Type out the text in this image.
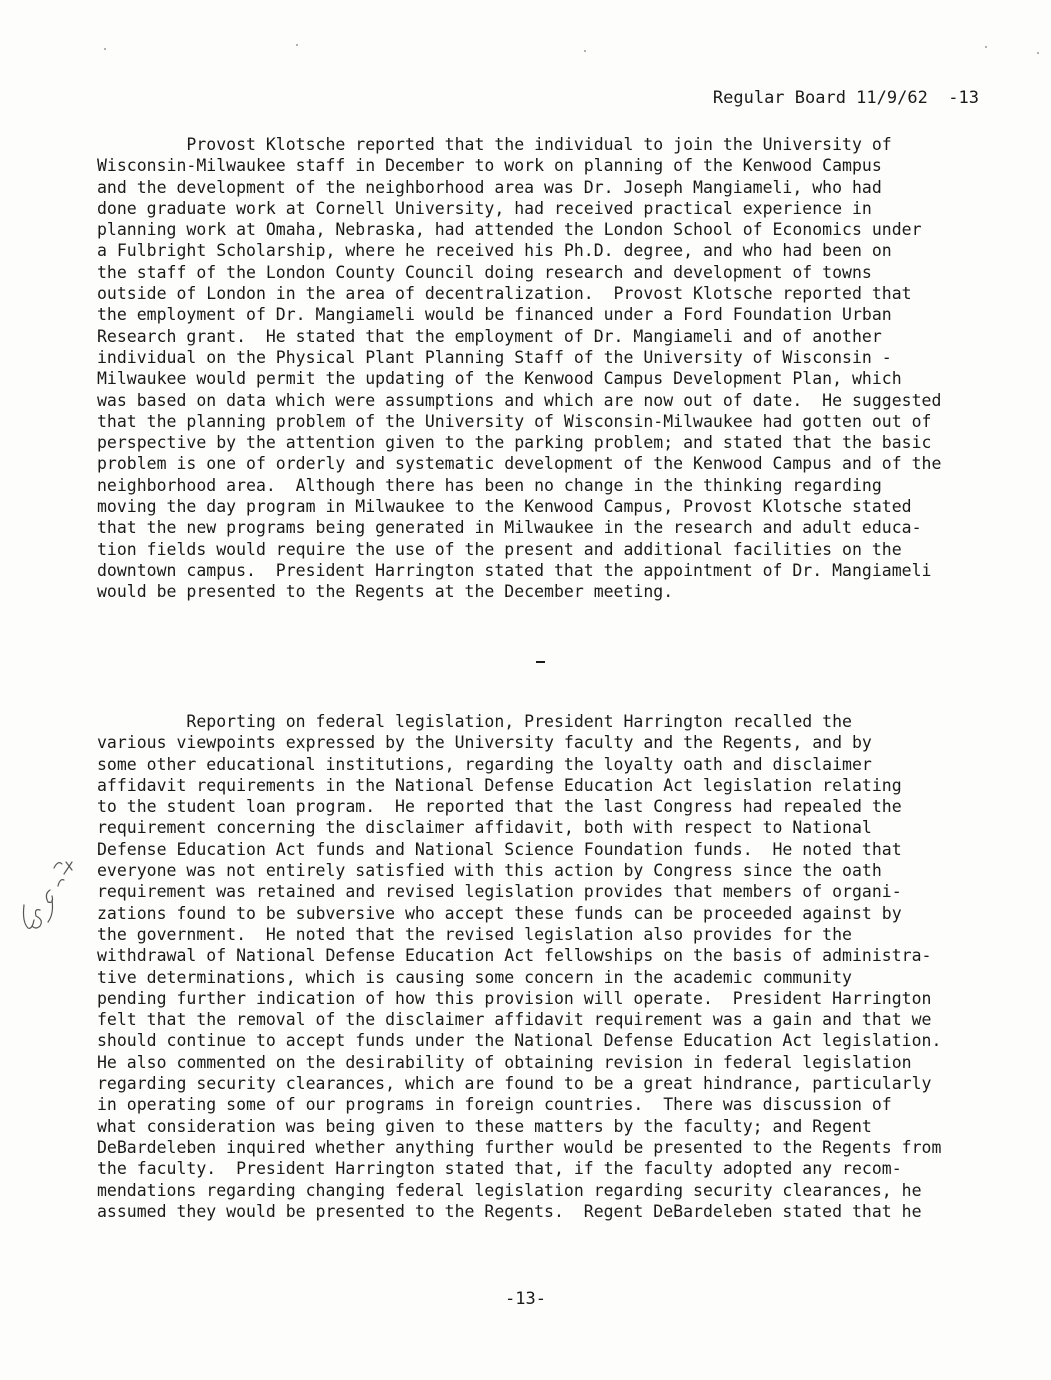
Regular Board 11/9/62  -13
Provost Klotsche reported that the individual to join the University of
Wisconsin-Milwaukee staff in December to work on planning of the Kenwood Campus
and the development of the neighborhood area was Dr. Joseph Mangiameli, who had
done graduate work at Cornell University, had received practical experience in
planning work at Omaha, Nebraska, had attended the London School of Economics under
a Fulbright Scholarship, where he received his Ph.D. degree, and who had been on
the staff of the London County Council doing research and development of towns
outside of London in the area of decentralization.  Provost Klotsche reported that
the employment of Dr. Mangiameli would be financed under a Ford Foundation Urban
Research grant.  He stated that the employment of Dr. Mangiameli and of another
individual on the Physical Plant Planning Staff of the University of Wisconsin -
Milwaukee would permit the updating of the Kenwood Campus Development Plan, which
was based on data which were assumptions and which are now out of date.  He suggested
that the planning problem of the University of Wisconsin-Milwaukee had gotten out of
perspective by the attention given to the parking problem; and stated that the basic
problem is one of orderly and systematic development of the Kenwood Campus and of the
neighborhood area.  Although there has been no change in the thinking regarding
moving the day program in Milwaukee to the Kenwood Campus, Provost Klotsche stated
that the new programs being generated in Milwaukee in the research and adult educa-
tion fields would require the use of the present and additional facilities on the
downtown campus.  President Harrington stated that the appointment of Dr. Mangiameli
would be presented to the Regents at the December meeting.
Reporting on federal legislation, President Harrington recalled the
various viewpoints expressed by the University faculty and the Regents, and by
some other educational institutions, regarding the loyalty oath and disclaimer
affidavit requirements in the National Defense Education Act legislation relating
to the student loan program.  He reported that the last Congress had repealed the
requirement concerning the disclaimer affidavit, both with respect to National
Defense Education Act funds and National Science Foundation funds.  He noted that
everyone was not entirely satisfied with this action by Congress since the oath
requirement was retained and revised legislation provides that members of organi-
zations found to be subversive who accept these funds can be proceeded against by
the government.  He noted that the revised legislation also provides for the
withdrawal of National Defense Education Act fellowships on the basis of administra-
tive determinations, which is causing some concern in the academic community
pending further indication of how this provision will operate.  President Harrington
felt that the removal of the disclaimer affidavit requirement was a gain and that we
should continue to accept funds under the National Defense Education Act legislation.
He also commented on the desirability of obtaining revision in federal legislation
regarding security clearances, which are found to be a great hindrance, particularly
in operating some of our programs in foreign countries.  There was discussion of
what consideration was being given to these matters by the faculty; and Regent
DeBardeleben inquired whether anything further would be presented to the Regents from
the faculty.  President Harrington stated that, if the faculty adopted any recom-
mendations regarding changing federal legislation regarding security clearances, he
assumed they would be presented to the Regents.  Regent DeBardeleben stated that he
-13-
